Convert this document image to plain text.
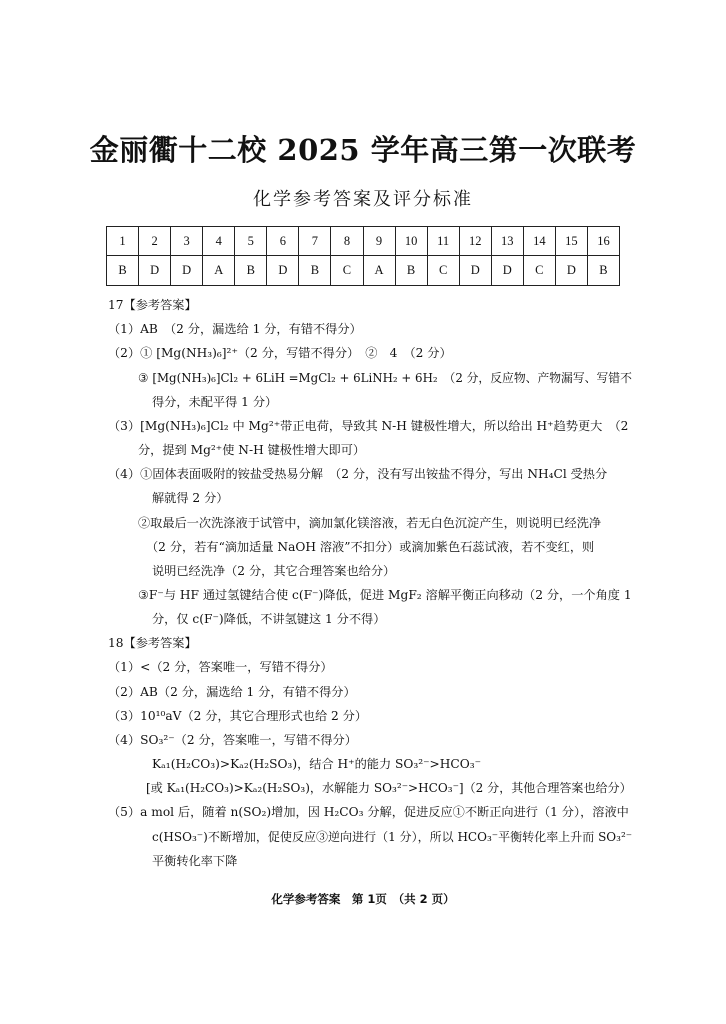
金丽衢十二校 2025 学年高三第一次联考
化学参考答案及评分标准
1	2	3	4	5	6	7	8	9	10	11	12	13	14	15	16
B	D	D	A	B	D	B	C	A	B	C	D	D	C	D	B
17【参考答案】
（1）AB　（2 分，漏选给 1 分，有错不得分）
（2）① [Mg(NH₃)₆]²⁺（2 分，写错不得分）　②　4　（2 分）
③ [Mg(NH₃)₆]Cl₂ + 6LiH =MgCl₂ + 6LiNH₂ + 6H₂　（2 分，反应物、产物漏写、写错不
得分，未配平得 1 分）
（3）[Mg(NH₃)₆]Cl₂ 中 Mg²⁺带正电荷，导致其 N-H 键极性增大，所以给出 H⁺趋势更大　（2
分，提到 Mg²⁺使 N-H 键极性增大即可）
（4）①固体表面吸附的铵盐受热易分解　（2 分，没有写出铵盐不得分，写出 NH₄Cl 受热分
解就得 2 分）
②取最后一次洗涤液于试管中，滴加氯化镁溶液，若无白色沉淀产生，则说明已经洗净
（2 分，若有“滴加适量 NaOH 溶液”不扣分）或滴加紫色石蕊试液，若不变红，则
说明已经洗净（2 分，其它合理答案也给分）
③F⁻与 HF 通过氢键结合使 c(F⁻)降低，促进 MgF₂ 溶解平衡正向移动（2 分，一个角度 1
分，仅 c(F⁻)降低，不讲氢键这 1 分不得）
18【参考答案】
（1）<（2 分，答案唯一，写错不得分）
（2）AB（2 分，漏选给 1 分，有错不得分）
（3）10¹⁰aV（2 分，其它合理形式也给 2 分）
（4）SO₃²⁻（2 分，答案唯一，写错不得分）
Kₐ₁(H₂CO₃)>Kₐ₂(H₂SO₃)，结合 H⁺的能力 SO₃²⁻>HCO₃⁻
[或 Kₐ₁(H₂CO₃)>Kₐ₂(H₂SO₃)，水解能力 SO₃²⁻>HCO₃⁻]（2 分，其他合理答案也给分）
（5）a mol 后，随着 n(SO₂)增加，因 H₂CO₃ 分解，促进反应①不断正向进行（1 分），溶液中
c(HSO₃⁻)不断增加，促使反应③逆向进行（1 分），所以 HCO₃⁻平衡转化率上升而 SO₃²⁻
平衡转化率下降
化学参考答案　第 1页　（共 2 页）
